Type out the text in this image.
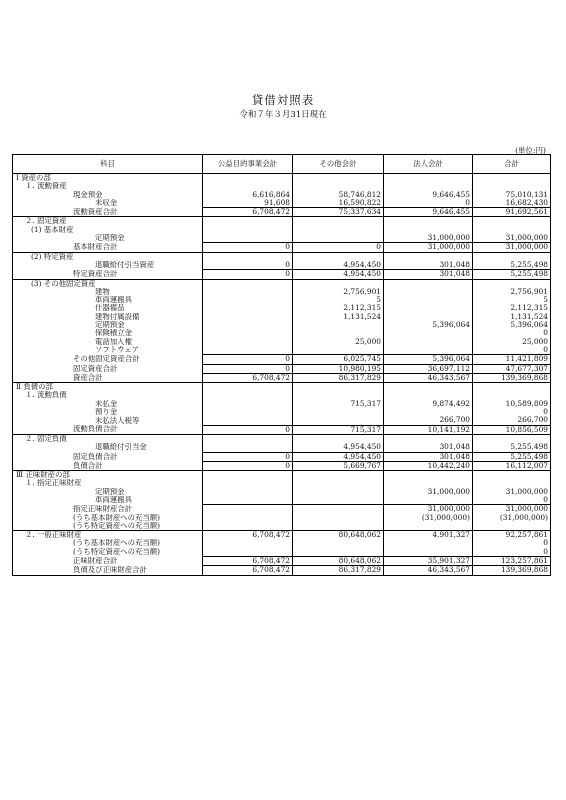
貸借対照表
令和７年３月31日現在
(単位:円)
科目	公益目的事業会計	その他会計	法人会計	合計
Ⅰ 資産の部				
１. 流動資産				
現金預金	6,616,864	58,746,812	9,646,455	75,010,131
未収金	91,608	16,590,822	0	16,682,430
流動資産合計	6,708,472	75,337,634	9,646,455	91,692,561
２. 固定資産				
(1) 基本財産				
定期預金			31,000,000	31,000,000
基本財産合計	0	0	31,000,000	31,000,000
(2) 特定資産				
退職給付引当資産	0	4,954,450	301,048	5,255,498
特定資産合計	0	4,954,450	301,048	5,255,498
(3) その他固定資産				
建物		2,756,901		2,756,901
車両運搬具		5		5
什器備品		2,112,315		2,112,315
建物付属設備		1,131,524		1,131,524
定期預金			5,396,064	5,396,064
保険積立金				0
電話加入権		25,000		25,000
ソフトウェア				0
その他固定資産合計	0	6,025,745	5,396,064	11,421,809
固定資産合計	0	10,980,195	36,697,112	47,677,307
資産合計	6,708,472	86,317,829	46,343,567	139,369,868
Ⅱ 負債の部				
１. 流動負債				
未払金		715,317	9,874,492	10,589,809
預り金				0
未払法人税等			266,700	266,700
流動負債合計	0	715,317	10,141,192	10,856,509
２. 固定負債				
退職給付引当金		4,954,450	301,048	5,255,498
固定負債合計	0	4,954,450	301,048	5,255,498
負債合計	0	5,669,767	10,442,240	16,112,007
Ⅲ 正味財産の部				
１. 指定正味財産				
定期預金			31,000,000	31,000,000
車両運搬具				0
指定正味財産合計			31,000,000	31,000,000
(うち基本財産への充当額)			(31,000,000)	(31,000,000)
(うち特定資産への充当額)				
２. 一般正味財産	6,708,472	80,648,062	4,901,327	92,257,861
(うち基本財産への充当額)				0
(うち特定資産への充当額)				0
正味財産合計	6,708,472	80,648,062	35,901,327	123,257,861
負債及び正味財産合計	6,708,472	86,317,829	46,343,567	139,369,868
